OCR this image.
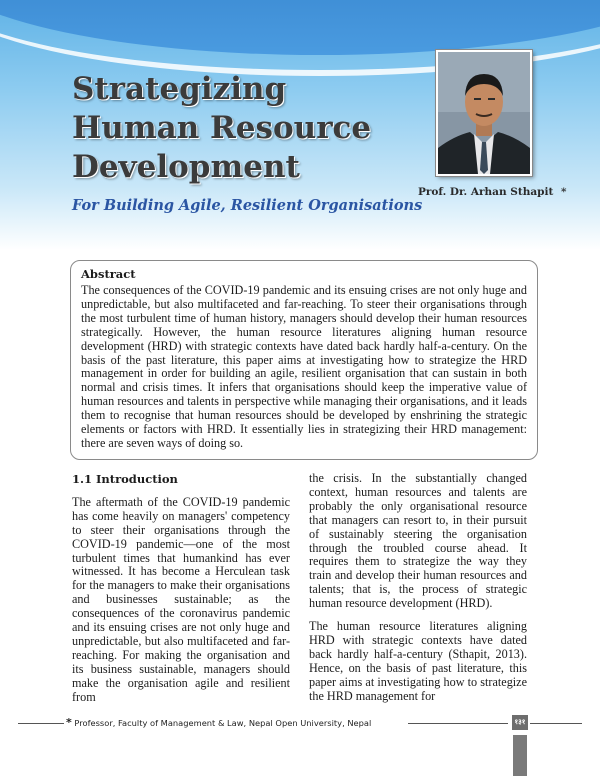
Strategizing
Human Resource
Development
For Building Agile, Resilient Organisations
Prof. Dr. Arhan Sthapit *
Abstract

The consequences of the COVID-19 pandemic and its ensuing crises are not only huge and unpredictable, but also multifaceted and far-reaching. To steer their organisations through the most turbulent time of human history, managers should develop their human resources strategically. However, the human resource literatures aligning human resource development (HRD) with strategic contexts have dated back hardly half-a-century. On the basis of the past literature, this paper aims at investigating how to strategize the HRD management in order for building an agile, resilient organisation that can sustain in both normal and crisis times. It infers that organisations should keep the imperative value of human resources and talents in perspective while managing their organisations, and it leads them to recognise that human resources should be developed by enshrining the strategic elements or factors with HRD. It essentially lies in strategizing their HRD management: there are seven ways of doing so.

1.1 Introduction

The aftermath of the COVID-19 pandemic has come heavily on managers' competency to steer their organisations through the COVID-19 pandemic—one of the most turbulent times that humankind has ever witnessed. It has become a Herculean task for the managers to make their organisations and businesses sustainable; as the consequences of the coronavirus pandemic and its ensuing crises are not only huge and unpredictable, but also multifaceted and far-reaching. For making the organisation and its business sustainable, managers should make the organisation agile and resilient from

the crisis. In the substantially changed context, human resources and talents are probably the only organisational resource that managers can resort to, in their pursuit of sustainably steering the organisation through the troubled course ahead. It requires them to strategize the way they train and develop their human resources and talents; that is, the process of strategic human resource development (HRD).

The human resource literatures aligning HRD with strategic contexts have dated back hardly half-a-century (Sthapit, 2013). Hence, on the basis of past literature, this paper aims at investigating how to strategize the HRD management for

* Professor, Faculty of Management & Law, Nepal Open University, Nepal	१३१
